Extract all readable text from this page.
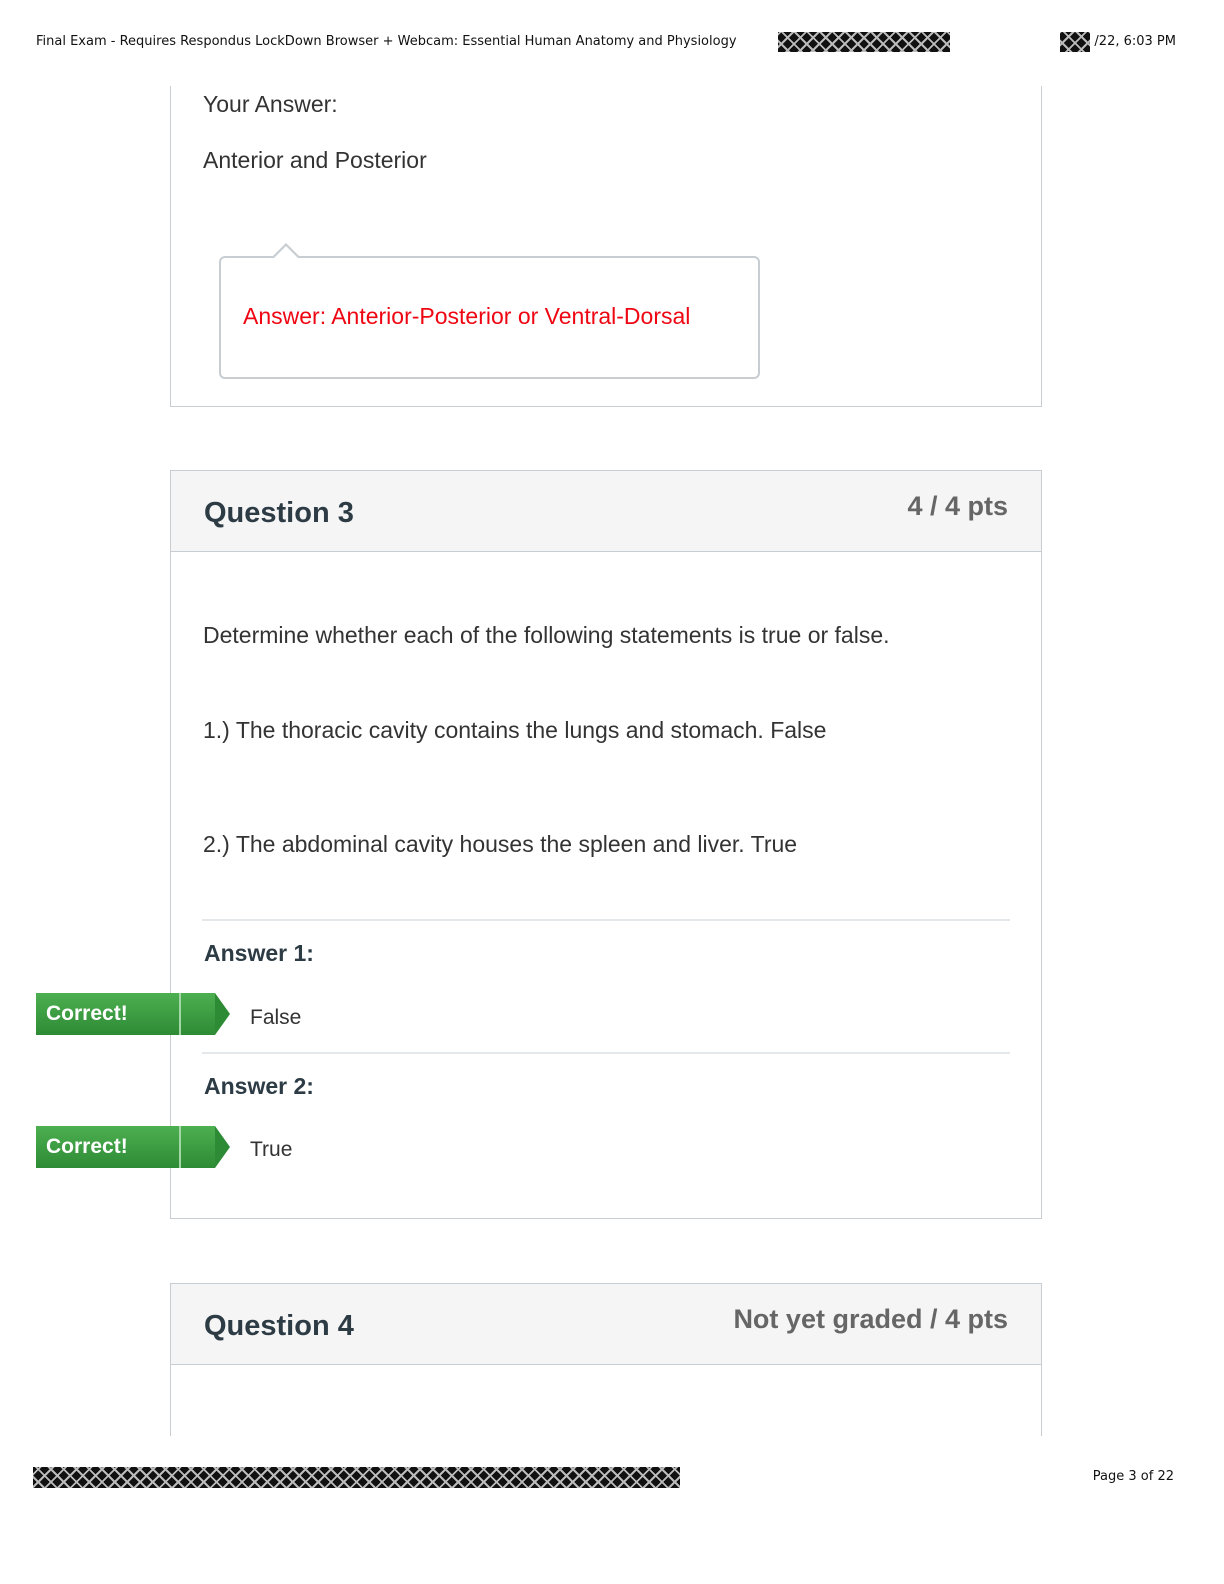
Final Exam - Requires Respondus LockDown Browser + Webcam: Essential Human Anatomy and Physiology	/22, 6:03 PM
Your Answer:
Anterior and Posterior
Answer: Anterior-Posterior or Ventral-Dorsal
Question 3	4 / 4 pts
Determine whether each of the following statements is true or false.
1.) The thoracic cavity contains the lungs and stomach. False
2.) The abdominal cavity houses the spleen and liver. True
Answer 1:
Correct!	False
Answer 2:
Correct!	True
Question 4	Not yet graded / 4 pts
Page 3 of 22
